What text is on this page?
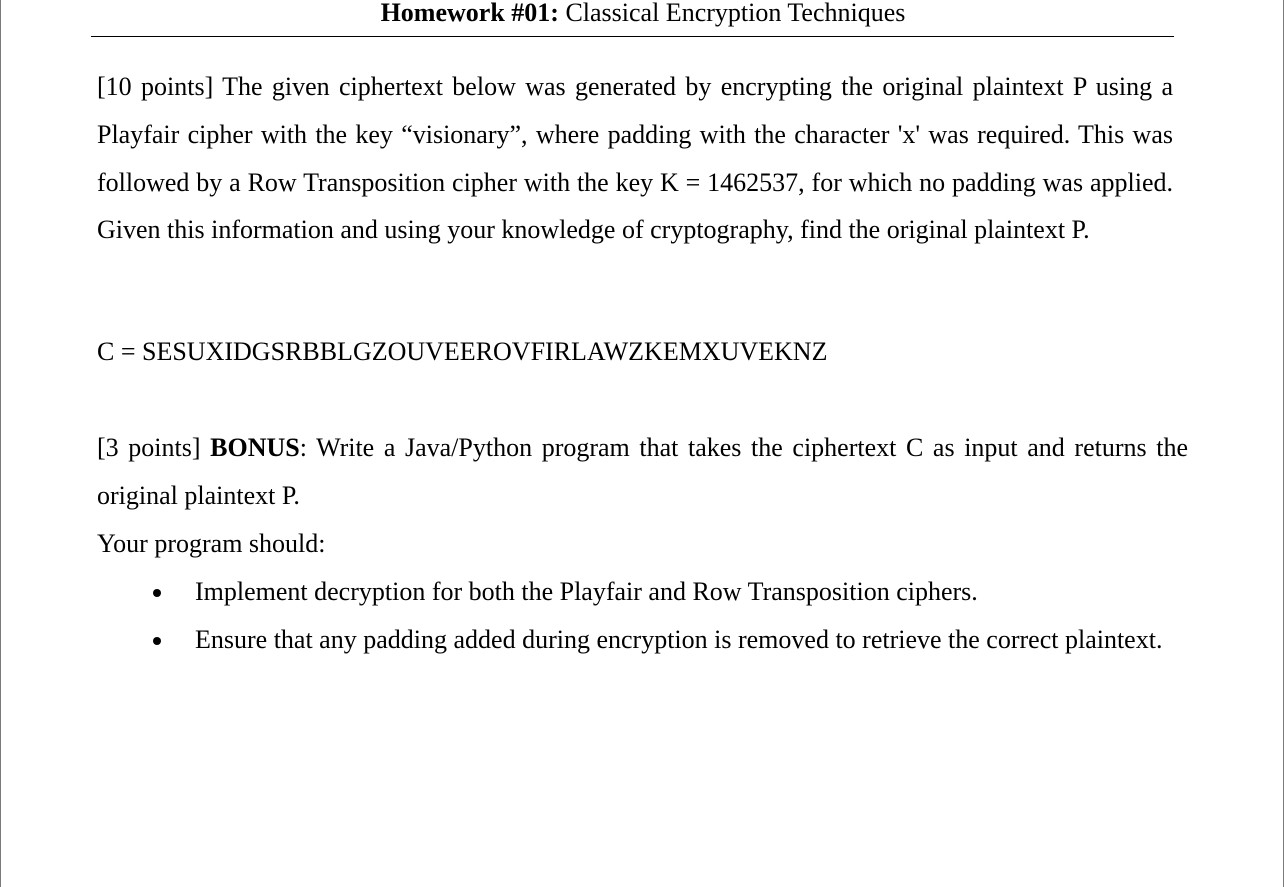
Homework #01: Classical Encryption Techniques
[10 points] The given ciphertext below was generated by encrypting the original plaintext P using a Playfair cipher with the key “visionary”, where padding with the character 'x' was required. This was followed by a Row Transposition cipher with the key K = 1462537, for which no padding was applied. Given this information and using your knowledge of cryptography, find the original plaintext P.
C = SESUXIDGSRBBLGZOUVEEROVFIRLAWZKEMXUVEKNZ
[3 points] BONUS: Write a Java/Python program that takes the ciphertext C as input and returns the original plaintext P.
Your program should:
Implement decryption for both the Playfair and Row Transposition ciphers.
Ensure that any padding added during encryption is removed to retrieve the correct plaintext.
